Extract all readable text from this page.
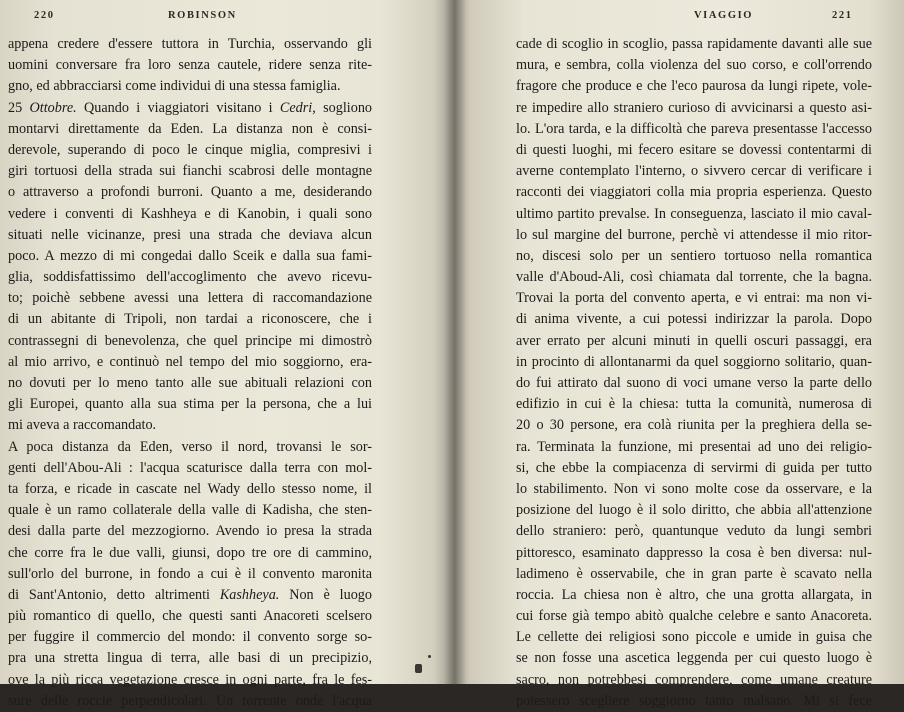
220	ROBINSON
appena credere d'essere tuttora in Turchia, osservando gli
uomini conversare fra loro senza cautele, ridere senza rite-
gno, ed abbracciarsi come individui di una stessa famiglia.
25 Ottobre. Quando i viaggiatori visitano i Cedri, sogliono
montarvi direttamente da Eden. La distanza non è consi-
derevole, superando di poco le cinque miglia, compresivi i
giri tortuosi della strada sui fianchi scabrosi delle montagne
o attraverso a profondi burroni. Quanto a me, desiderando
vedere i conventi di Kashheya e di Kanobin, i quali sono
situati nelle vicinanze, presi una strada che deviava alcun
poco. A mezzo di mi congedai dallo Sceik e dalla sua fami-
glia, soddisfattissimo dell'accoglimento che avevo ricevu-
to; poichè sebbene avessi una lettera di raccomandazione
di un abitante di Tripoli, non tardai a riconoscere, che i
contrassegni di benevolenza, che quel principe mi dimostrò
al mio arrivo, e continuò nel tempo del mio soggiorno, era-
no dovuti per lo meno tanto alle sue abituali relazioni con
gli Europei, quanto alla sua stima per la persona, che a lui
mi aveva a raccomandato.
A poca distanza da Eden, verso il nord, trovansi le sor-
genti dell'Abou-Ali : l'acqua scaturisce dalla terra con mol-
ta forza, e ricade in cascate nel Wady dello stesso nome, il
quale è un ramo collaterale della valle di Kadisha, che sten-
desi dalla parte del mezzogiorno. Avendo io presa la strada
che corre fra le due valli, giunsi, dopo tre ore di cammino,
sull'orlo del burrone, in fondo a cui è il convento maronita
di Sant'Antonio, detto altrimenti Kashheya. Non è luogo
più romantico di quello, che questi santi Anacoreti scelsero
per fuggire il commercio del mondo: il convento sorge so-
pra una stretta lingua di terra, alle basi di un precipizio,
ove la più ricca vegetazione cresce in ogni parte, fra le fes-
sure delle roccie perpendicolari. Un torrente onde l'acqua
VIAGGIO	221
cade di scoglio in scoglio, passa rapidamente davanti alle sue
mura, e sembra, colla violenza del suo corso, e coll'orrendo
fragore che produce e che l'eco paurosa da lungi ripete, vole-
re impedire allo straniero curioso di avvicinarsi a questo asi-
lo. L'ora tarda, e la difficoltà che pareva presentasse l'accesso
di questi luoghi, mi fecero esitare se dovessi contentarmi di
averne contemplato l'interno, o sivvero cercar di verificare i
racconti dei viaggiatori colla mia propria esperienza. Questo
ultimo partito prevalse. In conseguenza, lasciato il mio caval-
lo sul margine del burrone, perchè vi attendesse il mio ritor-
no, discesi solo per un sentiero tortuoso nella romantica
valle d'Aboud-Ali, così chiamata dal torrente, che la bagna.
Trovai la porta del convento aperta, e vi entrai: ma non vi-
di anima vivente, a cui potessi indirizzar la parola. Dopo
aver errato per alcuni minuti in quelli oscuri passaggi, era
in procinto di allontanarmi da quel soggiorno solitario, quan-
do fui attirato dal suono di voci umane verso la parte dello
edifizio in cui è la chiesa: tutta la comunità, numerosa di
20 o 30 persone, era colà riunita per la preghiera della se-
ra. Terminata la funzione, mi presentai ad uno dei religio-
si, che ebbe la compiacenza di servirmi di guida per tutto
lo stabilimento. Non vi sono molte cose da osservare, e la
posizione del luogo è il solo diritto, che abbia all'attenzione
dello straniero: però, quantunque veduto da lungi sembri
pittoresco, esaminato dappresso la cosa è ben diversa: nul-
ladimeno è osservabile, che in gran parte è scavato nella
roccia. La chiesa non è altro, che una grotta allargata, in
cui forse già tempo abitò qualche celebre e santo Anacoreta.
Le cellette dei religiosi sono piccole e umide in guisa che
se non fosse una ascetica leggenda per cui questo luogo è
sacro, non potrebbesi comprendere, come umane creature
potessero scegliere soggiorno tanto malsano. Mi si fece
